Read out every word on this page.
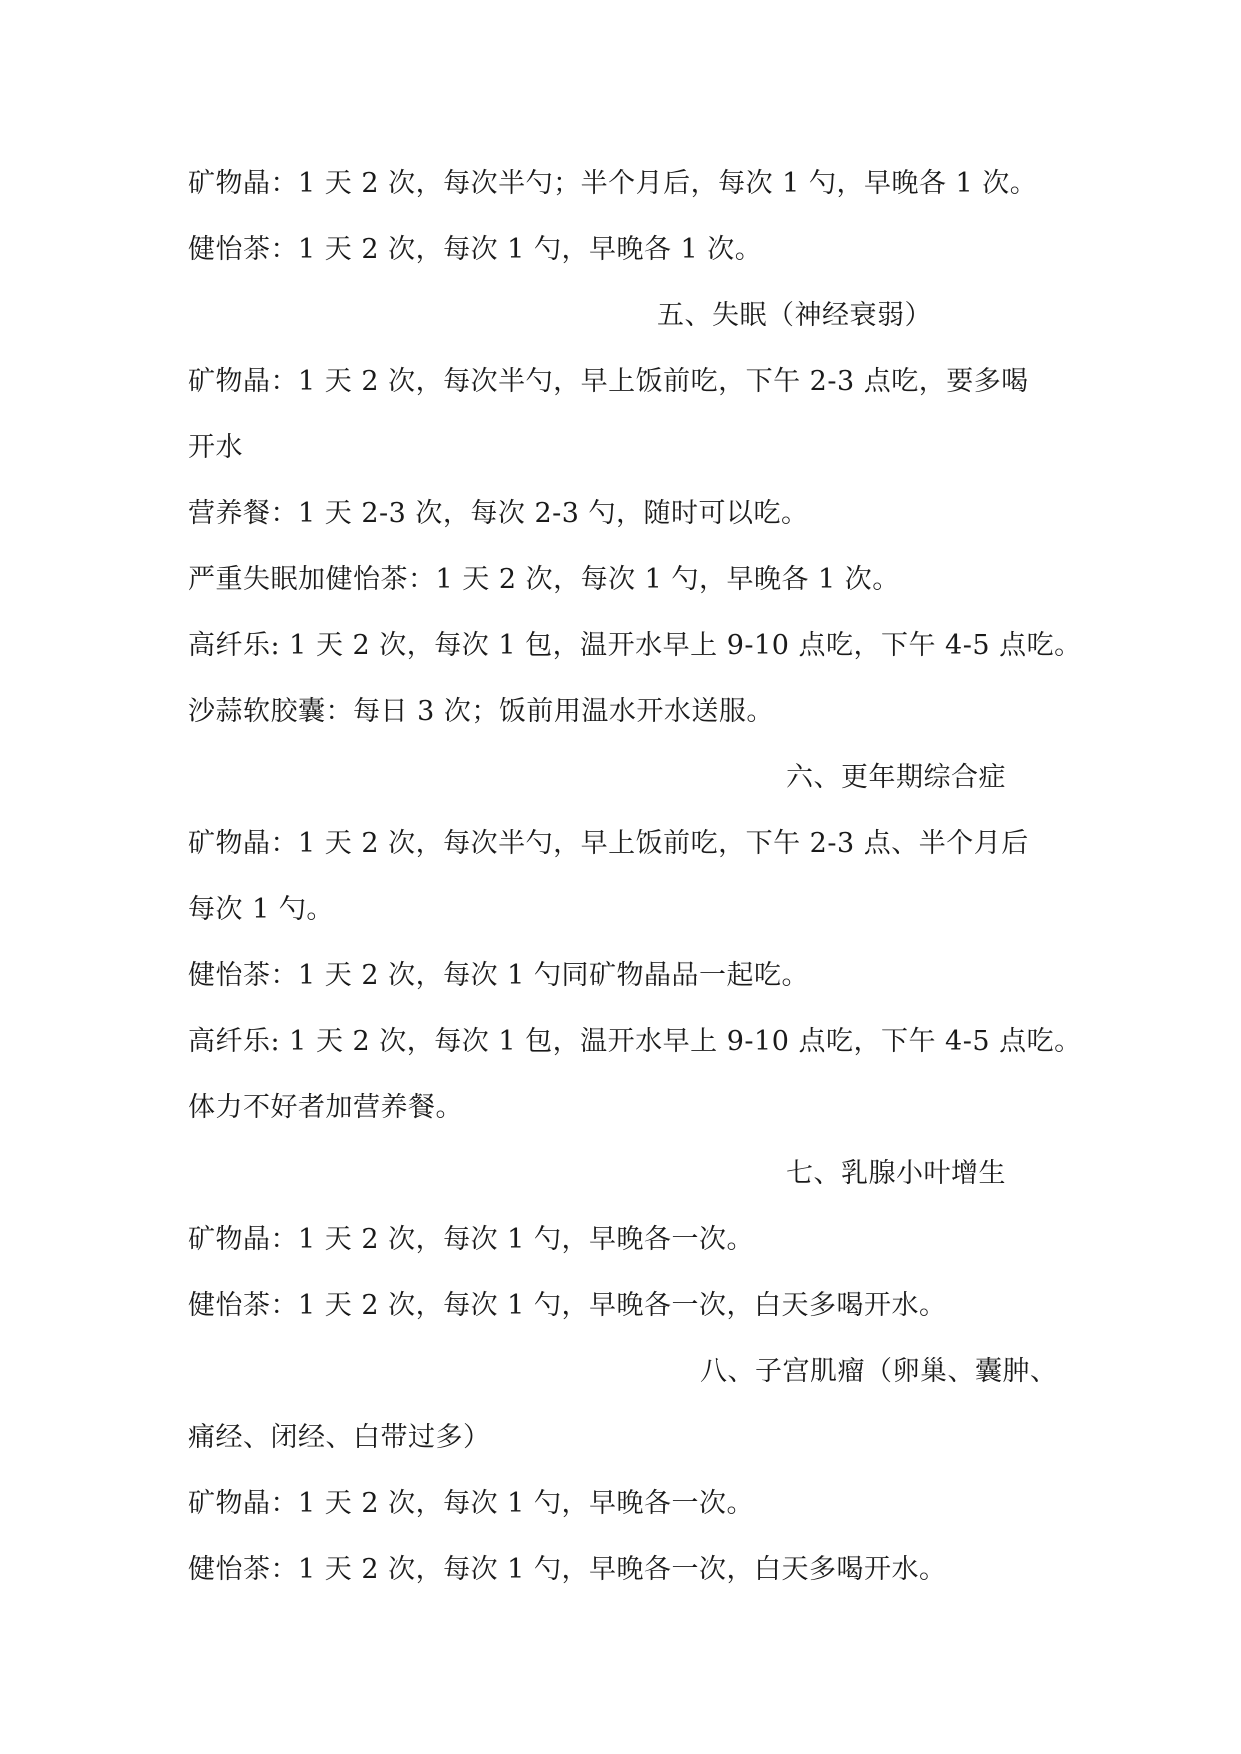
矿物晶：1 天 2 次，每次半勺；半个月后，每次 1 勺，早晚各 1 次。

健怡茶：1 天 2 次，每次 1 勺，早晚各 1 次。

五、失眠（神经衰弱）

矿物晶：1 天 2 次，每次半勺，早上饭前吃，下午 2-3 点吃，要多喝

开水

营养餐：1 天 2-3 次，每次 2-3 勺，随时可以吃。

严重失眠加健怡茶：1 天 2 次，每次 1 勺，早晚各 1 次。

高纤乐: 1 天 2 次，每次 1 包，温开水早上 9-10 点吃，下午 4-5 点吃。

沙蒜软胶囊：每日 3 次；饭前用温水开水送服。

六、更年期综合症

矿物晶：1 天 2 次，每次半勺，早上饭前吃，下午 2-3 点、半个月后

每次 1 勺。

健怡茶：1 天 2 次，每次 1 勺同矿物晶品一起吃。

高纤乐: 1 天 2 次，每次 1 包，温开水早上 9-10 点吃，下午 4-5 点吃。

体力不好者加营养餐。

七、乳腺小叶增生

矿物晶：1 天 2 次，每次 1 勺，早晚各一次。

健怡茶：1 天 2 次，每次 1 勺，早晚各一次，白天多喝开水。

八、子宫肌瘤（卵巢、囊肿、

痛经、闭经、白带过多）

矿物晶：1 天 2 次，每次 1 勺，早晚各一次。

健怡茶：1 天 2 次，每次 1 勺，早晚各一次，白天多喝开水。
